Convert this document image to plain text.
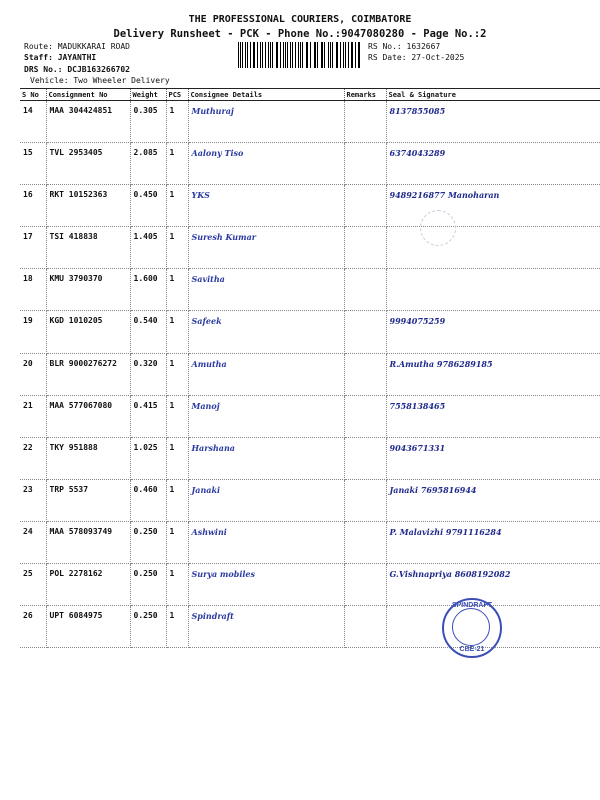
THE PROFESSIONAL COURIERS, COIMBATORE
Delivery Runsheet - PCK - Phone No.:9047080280 - Page No.:2
Route: MADUKKARAI ROAD
Staff: JAYANTHI
DRS No.: DCJB163266702
Vehicle: Two Wheeler Delivery
RS No.: 1632667
RS Date: 27-Oct-2025
S No	Consignment No	Weight	PCS	Consignee Details	Remarks	Seal & Signature
14	MAA 304424851	0.305	1	Muthuraj		8137855085
15	TVL 2953405	2.085	1	Aalony Tiso		6374043289
16	RKT 10152363	0.450	1	YKS		9489216877 Manoharan
17	TSI 418838	1.405	1	Suresh Kumar		
18	KMU 3790370	1.600	1	Savitha		
19	KGD 1010205	0.540	1	Safeek		9994075259
20	BLR 9000276272	0.320	1	Amutha		R.Amutha 9786289185
21	MAA 577067080	0.415	1	Manoj		7558138465
22	TKY 951888	1.025	1	Harshana		9043671331
23	TRP 5537	0.460	1	Janaki		Janaki 7695816944
24	MAA 578093749	0.250	1	Ashwini		P. Malavizhi 9791116284
25	POL 2278162	0.250	1	Surya mobiles		G.Vishnapriya 8608192082
26	UPT 6084975	0.250	1	Spindraft		
SPINDRAFT
CBE-21
